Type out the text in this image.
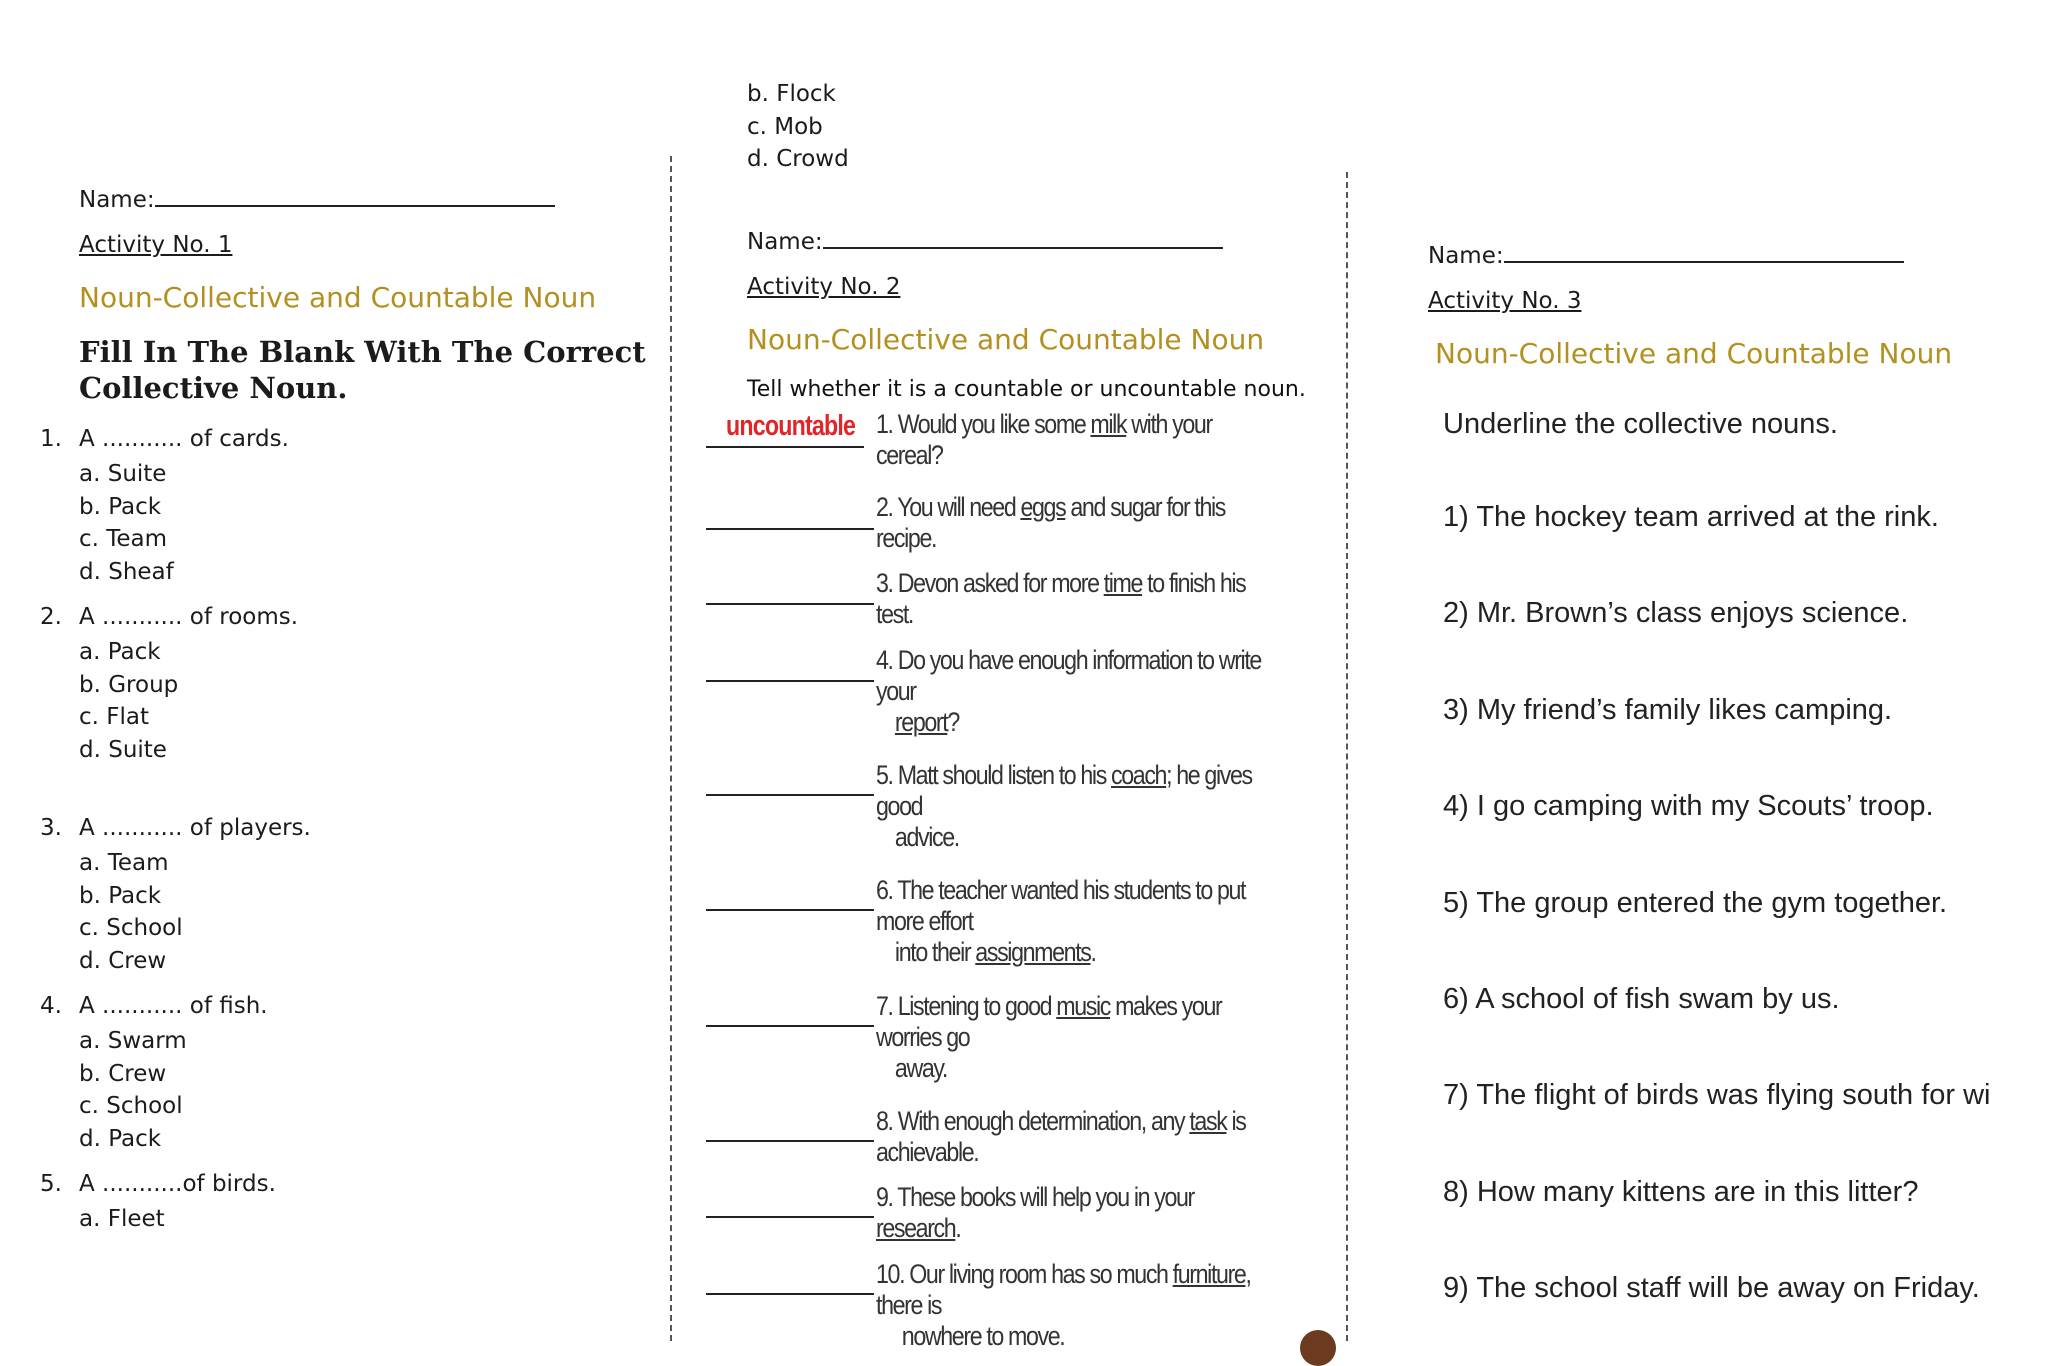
Name:
Activity No. 1
Noun-Collective and Countable Noun
Fill In The Blank With The Correct
Collective Noun.
1. A ........... of cards.
a. Suite
b. Pack
c. Team
d. Sheaf
2. A ........... of rooms.
a. Pack
b. Group
c. Flat
d. Suite
3. A ........... of players.
a. Team
b. Pack
c. School
d. Crew
4. A ........... of fish.
a. Swarm
b. Crew
c. School
d. Pack
5. A ...........of birds.
a. Fleet
b. Flock
c. Mob
d. Crowd
Name:
Activity No. 2
Noun-Collective and Countable Noun
Tell whether it is a countable or uncountable noun.
uncountable 1. Would you like some milk with your cereal?
2. You will need eggs and sugar for this recipe.
3. Devon asked for more time to finish his test.
4. Do you have enough information to write your
report?
5. Matt should listen to his coach; he gives good
advice.
6. The teacher wanted his students to put more effort
into their assignments.
7. Listening to good music makes your worries go
away.
8. With enough determination, any task is achievable.
9. These books will help you in your research.
10. Our living room has so much furniture, there is
nowhere to move.
Name:
Activity No. 3
Noun-Collective and Countable Noun
Underline the collective nouns.
1) The hockey team arrived at the rink.
2) Mr. Brown’s class enjoys science.
3) My friend’s family likes camping.
4) I go camping with my Scouts’ troop.
5) The group entered the gym together.
6) A school of fish swam by us.
7) The flight of birds was flying south for wi
8) How many kittens are in this litter?
9) The school staff will be away on Friday.
